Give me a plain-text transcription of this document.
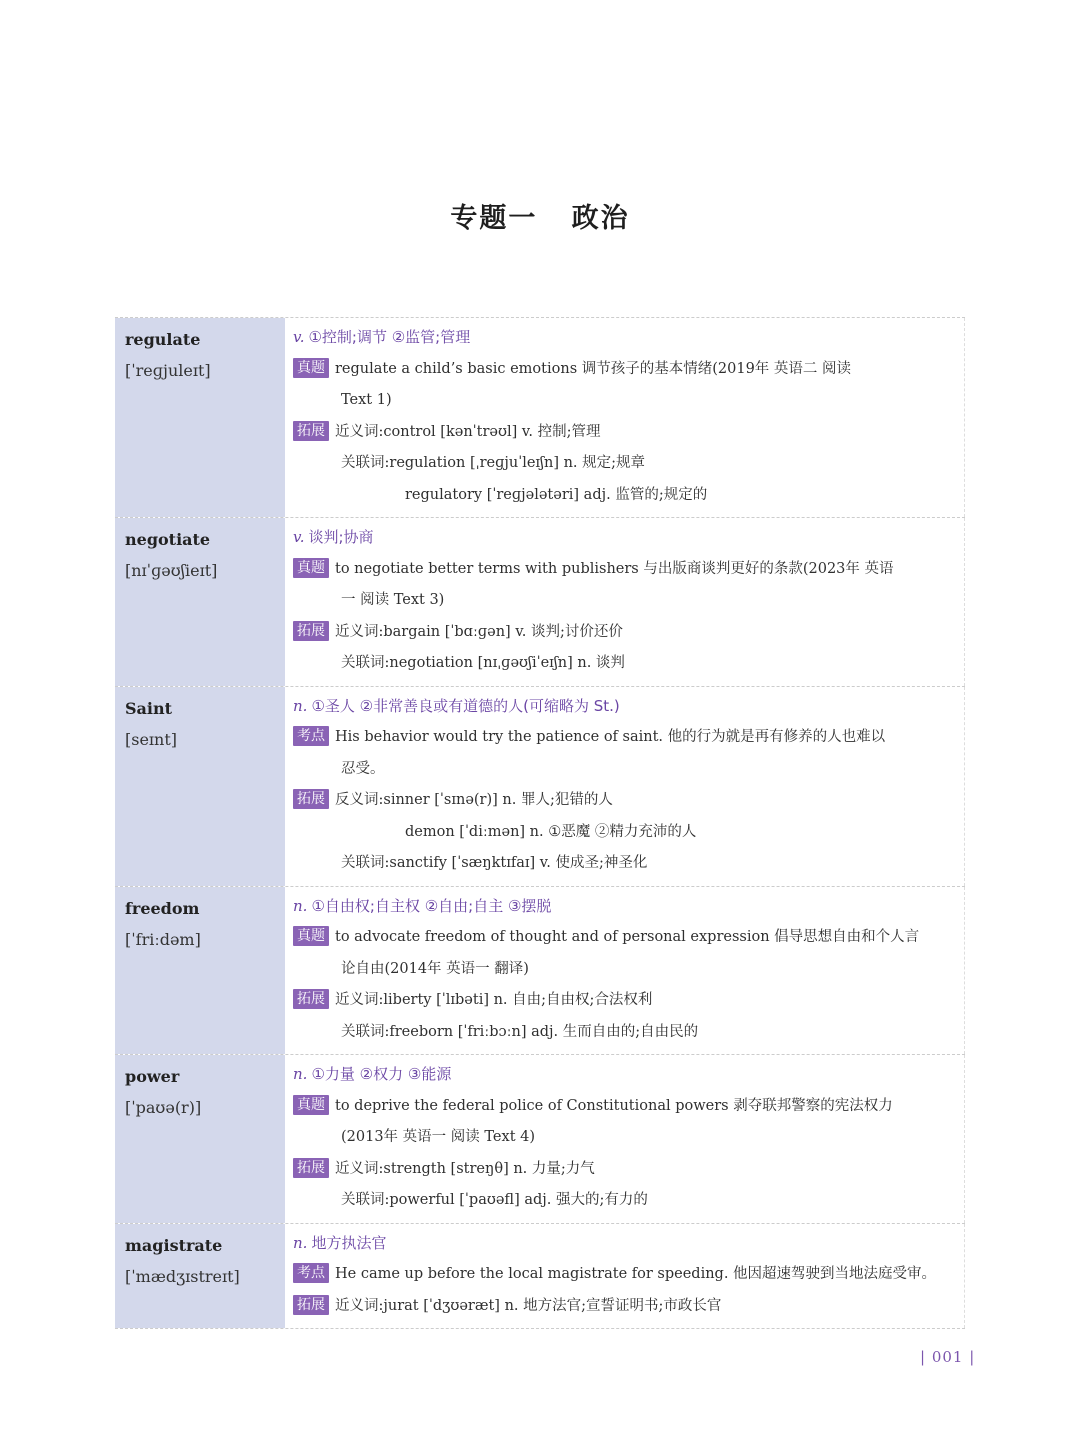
专题一   政治
regulate
[ˈreɡjuleɪt]
v. ①控制;调节 ②监管;管理
真题 regulate a child’s basic emotions 调节孩子的基本情绪(2019年 英语二 阅读
Text 1)
拓展 近义词:control [kənˈtrəʊl] v. 控制;管理
关联词:regulation [ˌreɡjuˈleɪʃn] n. 规定;规章
regulatory [ˈreɡjələtəri] adj. 监管的;规定的
negotiate
[nɪˈɡəʊʃieɪt]
v. 谈判;协商
真题 to negotiate better terms with publishers 与出版商谈判更好的条款(2023年 英语
一 阅读 Text 3)
拓展 近义词:bargain [ˈbɑːɡən] v. 谈判;讨价还价
关联词:negotiation [nɪˌɡəʊʃiˈeɪʃn] n. 谈判
Saint
[seɪnt]
n. ①圣人 ②非常善良或有道德的人(可缩略为 St.)
考点 His behavior would try the patience of saint. 他的行为就是再有修养的人也难以
忍受。
拓展 反义词:sinner [ˈsɪnə(r)] n. 罪人;犯错的人
demon [ˈdiːmən] n. ①恶魔 ②精力充沛的人
关联词:sanctify [ˈsæŋktɪfaɪ] v. 使成圣;神圣化
freedom
[ˈfriːdəm]
n. ①自由权;自主权 ②自由;自主 ③摆脱
真题 to advocate freedom of thought and of personal expression 倡导思想自由和个人言
论自由(2014年 英语一 翻译)
拓展 近义词:liberty [ˈlɪbəti] n. 自由;自由权;合法权利
关联词:freeborn [ˈfriːbɔːn] adj. 生而自由的;自由民的
power
[ˈpaʊə(r)]
n. ①力量 ②权力 ③能源
真题 to deprive the federal police of Constitutional powers 剥夺联邦警察的宪法权力
(2013年 英语一 阅读 Text 4)
拓展 近义词:strength [streŋθ] n. 力量;力气
关联词:powerful [ˈpaʊəfl] adj. 强大的;有力的
magistrate
[ˈmædʒɪstreɪt]
n. 地方执法官
考点 He came up before the local magistrate for speeding. 他因超速驾驶到当地法庭受审。
拓展 近义词:jurat [ˈdʒʊəræt] n. 地方法官;宣誓证明书;市政长官
| 001 |
